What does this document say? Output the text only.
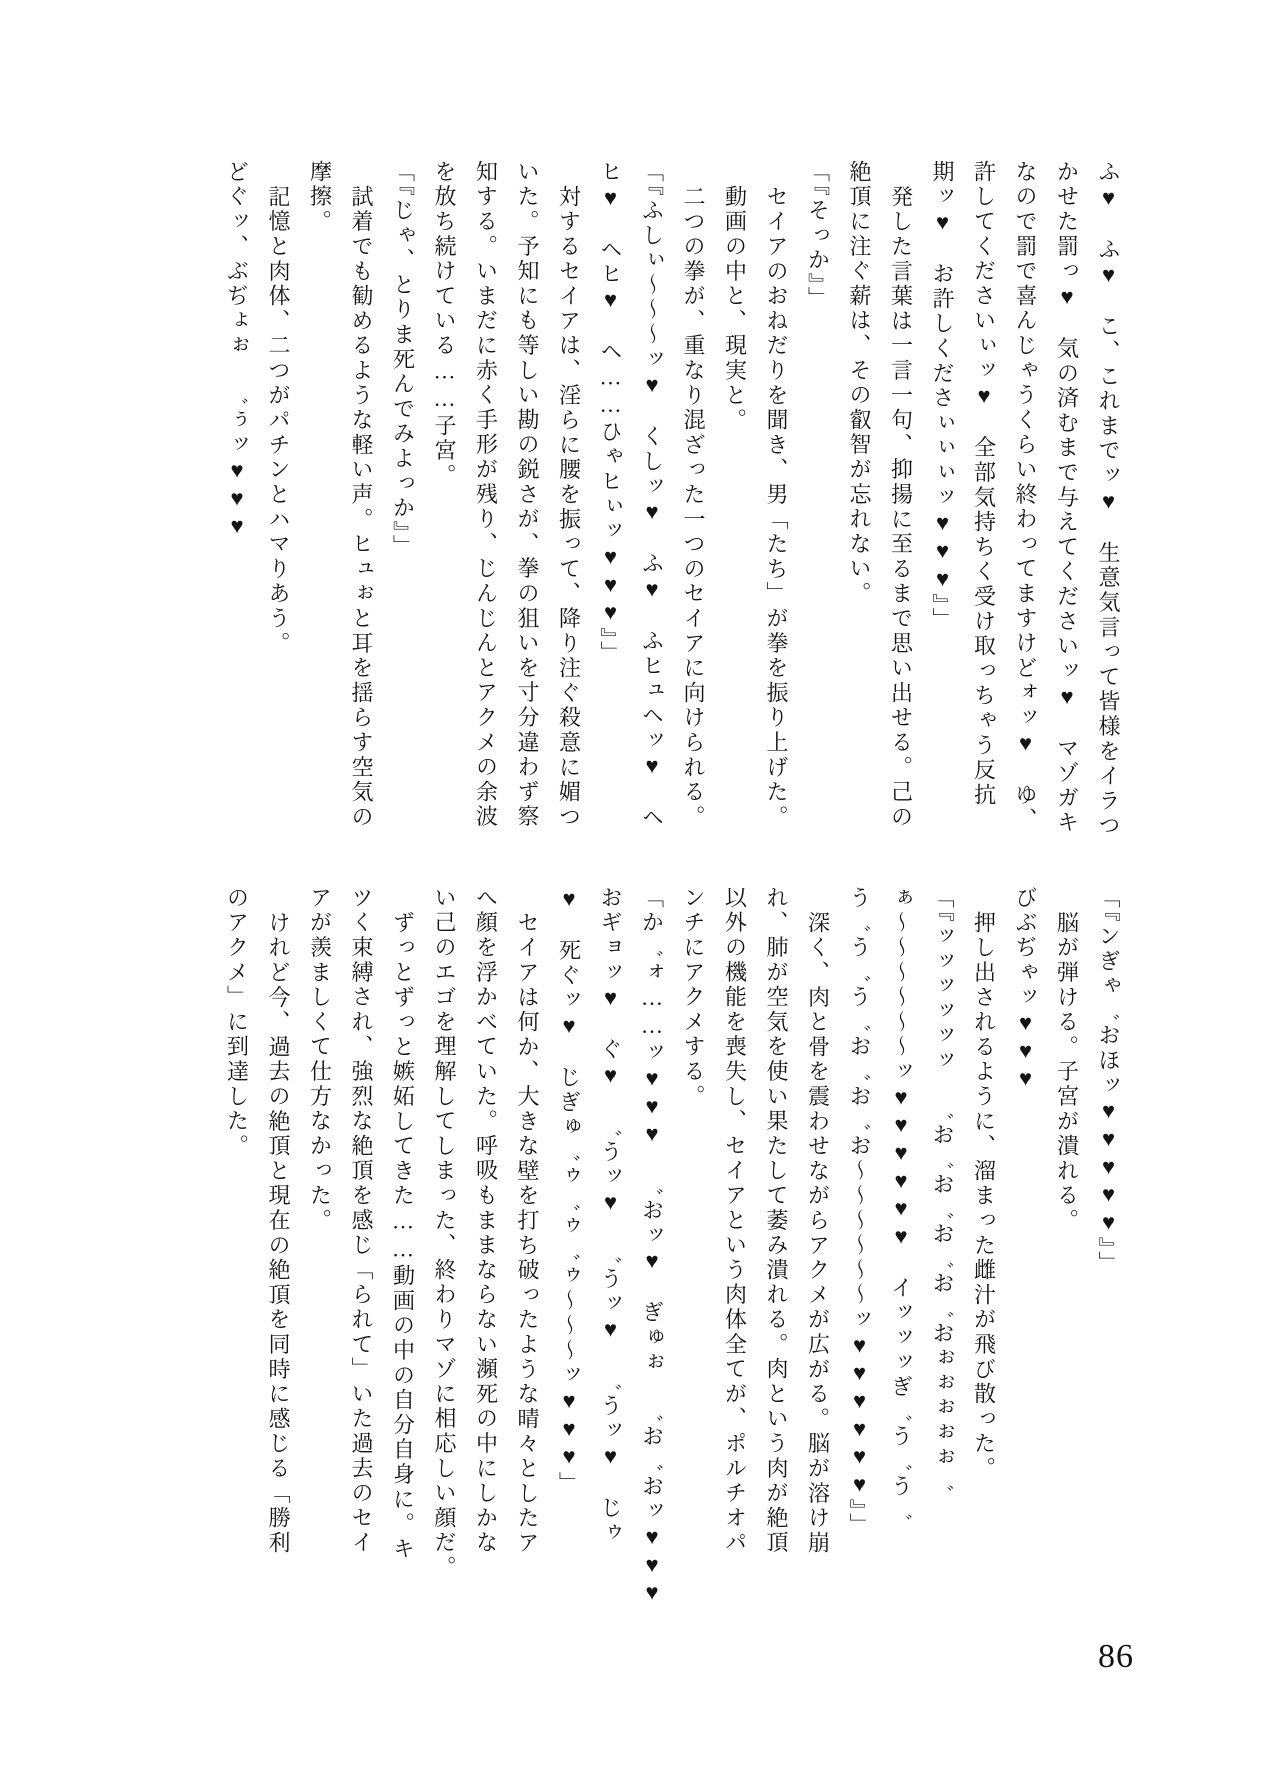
ふ♥　ふ♥　こ、これまでッ♥　生意気言って皆様をイラつ
かせた罰っ♥　気の済むまで与えてくださいッ♥　マゾガキ
なので罰で喜んじゃうくらい終わってますけどォッ♥　ゆ、
許してくださいぃッ♥　全部気持ちく受け取っちゃう反抗
期ッ♥　お許しくださぃぃぃッ♥♥♥』」
発した言葉は一言一句、抑揚に至るまで思い出せる。己の
絶頂に注ぐ薪は、その叡智が忘れない。
「『そっか』」
セイアのおねだりを聞き、男「たち」が拳を振り上げた。
動画の中と、現実と。
二つの拳が、重なり混ざった一つのセイアに向けられる。
「『ふしぃ〜〜〜ッ♥　くしッ♥　ふ♥　ふヒュヘッ♥　ヘ
ヒ♥　ヘヒ♥　ヘ……ひゃヒぃッ♥♥♥』」
対するセイアは、淫らに腰を振って、降り注ぐ殺意に媚つ
いた。予知にも等しい勘の鋭さが、拳の狙いを寸分違わず察
知する。いまだに赤く手形が残り、じんじんとアクメの余波
を放ち続けている……子宮。
「『じゃ、とりま死んでみよっか』」
試着でも勧めるような軽い声。ヒュぉと耳を揺らす空気の
摩擦。
記憶と肉体、二つがパチンとハマりあう。
どぐッ、ぶぢょぉ　゛ぅッ♥♥♥
「『ンぎゃ゛おほッ♥♥♥♥♥』」
脳が弾ける。子宮が潰れる。
びぶぢゃッ♥♥♥
押し出されるように、溜まった雌汁が飛び散った。
「『ッッッッッッ　゛お゛お゛お゛お゛おぉぉぉぉぉ゛
ぁ〜〜〜〜〜〜ッ♥♥♥♥♥♥　イッッッぎ゛う゛う゛
う゛う゛う゛お゛お゛お〜〜〜〜〜〜ッ♥♥♥♥♥♥』」
深く、肉と骨を震わせながらアクメが広がる。脳が溶け崩
れ、肺が空気を使い果たして萎み潰れる。肉という肉が絶頂
以外の機能を喪失し、セイアという肉体全てが、ポルチオパ
ンチにアクメする。
「か゛ォ……ッ♥♥♥　゛おッ♥　ぎゅぉ　゛お゛おッ♥♥♥
おギョッ♥　ぐ♥　゛うッ♥　゛うッ♥　゛うッ♥　じゥ
♥　死ぐッ♥　じぎゅ゛ゥ゛ゥ゛ゥ〜〜〜ッ♥♥♥」
セイアは何か、大きな壁を打ち破ったような晴々としたア
へ顔を浮かべていた。呼吸もままならない瀕死の中にしかな
い己のエゴを理解してしまった、終わりマゾに相応しい顔だ。
ずっとずっと嫉妬してきた……動画の中の自分自身に。キ
ツく束縛され、強烈な絶頂を感じ「られて」いた過去のセイ
アが羨ましくて仕方なかった。
けれど今、過去の絶頂と現在の絶頂を同時に感じる「勝利
のアクメ」に到達した。
86
